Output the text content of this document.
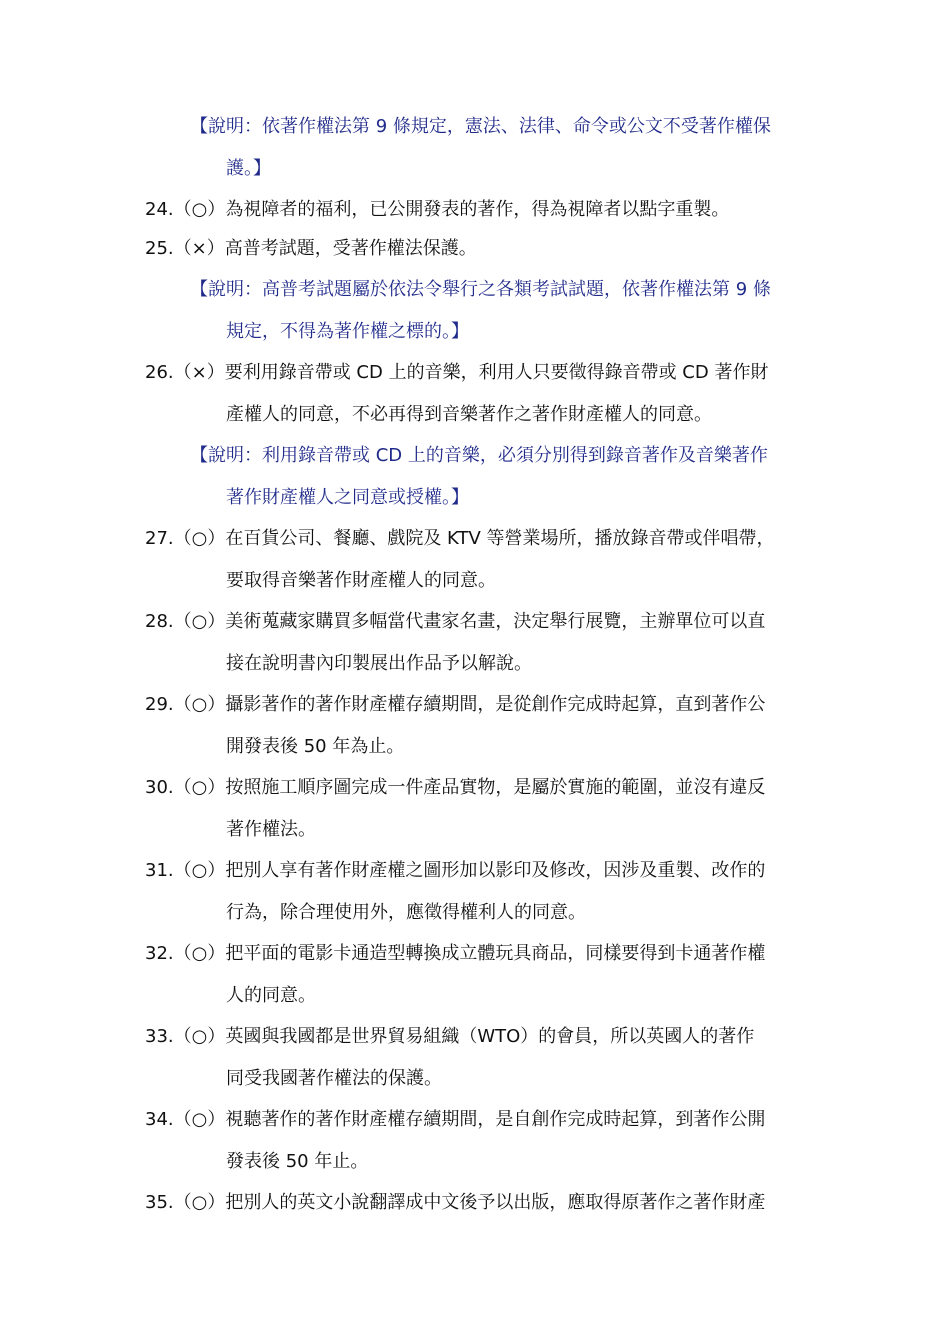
【說明：依著作權法第 9 條規定，憲法、法律、命令或公文不受著作權保
護。】
24.（○）為視障者的福利，已公開發表的著作，得為視障者以點字重製。
25.（×）高普考試題，受著作權法保護。
【說明：高普考試題屬於依法令舉行之各類考試試題，依著作權法第 9 條
規定，不得為著作權之標的。】
26.（×）要利用錄音帶或 CD 上的音樂，利用人只要徵得錄音帶或 CD 著作財
產權人的同意，不必再得到音樂著作之著作財產權人的同意。
【說明：利用錄音帶或 CD 上的音樂，必須分別得到錄音著作及音樂著作
著作財產權人之同意或授權。】
27.（○）在百貨公司、餐廳、戲院及 KTV 等營業場所，播放錄音帶或伴唱帶，
要取得音樂著作財產權人的同意。
28.（○）美術蒐藏家購買多幅當代畫家名畫，決定舉行展覽，主辦單位可以直
接在說明書內印製展出作品予以解說。
29.（○）攝影著作的著作財產權存續期間，是從創作完成時起算，直到著作公
開發表後 50 年為止。
30.（○）按照施工順序圖完成一件產品實物，是屬於實施的範圍，並沒有違反
著作權法。
31.（○）把別人享有著作財產權之圖形加以影印及修改，因涉及重製、改作的
行為，除合理使用外，應徵得權利人的同意。
32.（○）把平面的電影卡通造型轉換成立體玩具商品，同樣要得到卡通著作權
人的同意。
33.（○）英國與我國都是世界貿易組織（WTO）的會員，所以英國人的著作
同受我國著作權法的保護。
34.（○）視聽著作的著作財產權存續期間，是自創作完成時起算，到著作公開
發表後 50 年止。
35.（○）把別人的英文小說翻譯成中文後予以出版，應取得原著作之著作財產
